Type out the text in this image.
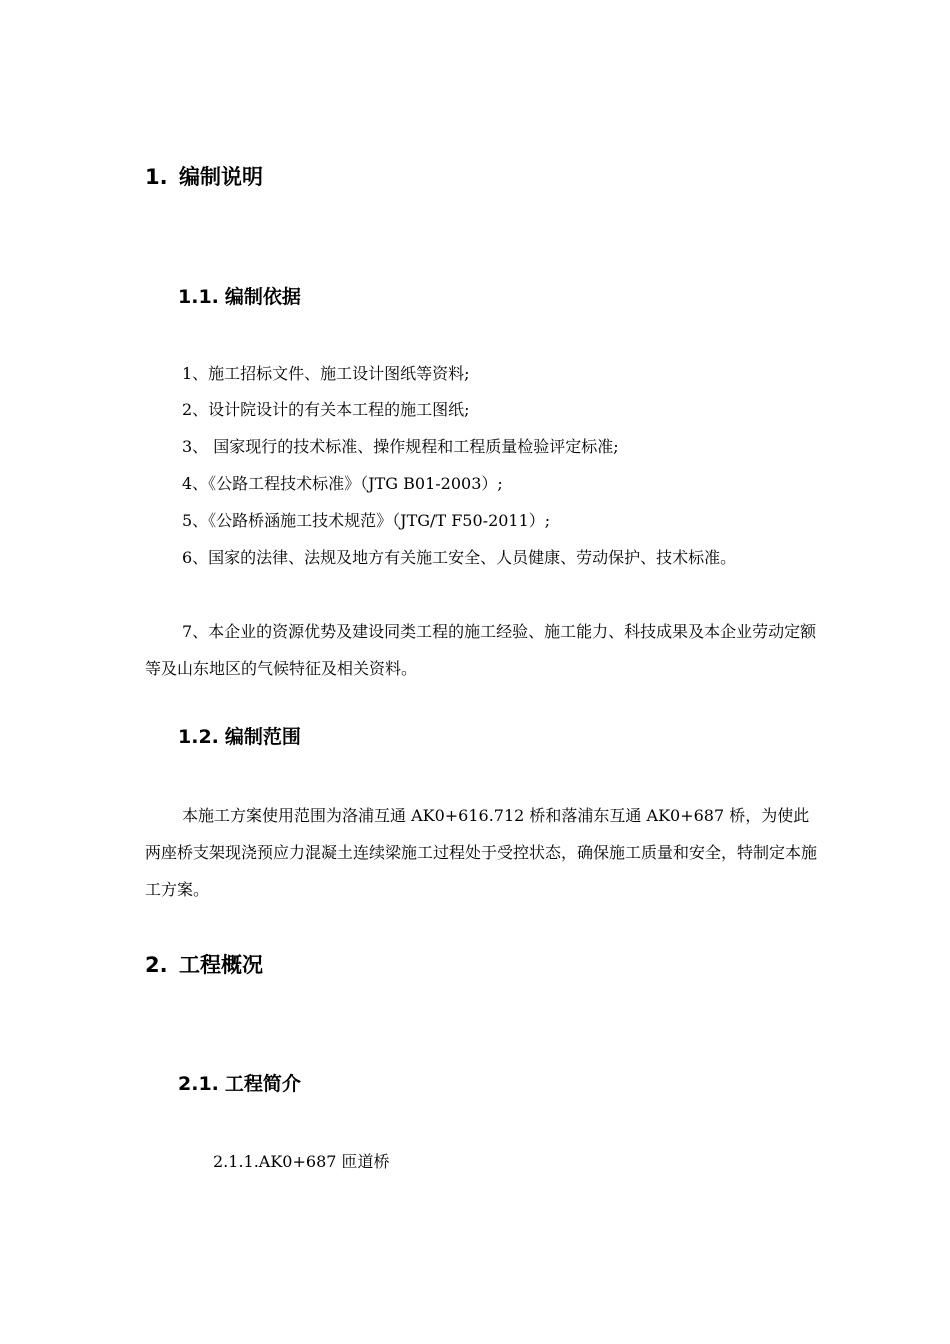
1. 编制说明
1.1. 编制依据
1、施工招标文件、施工设计图纸等资料;
2、设计院设计的有关本工程的施工图纸;
3、 国家现行的技术标准、操作规程和工程质量检验评定标准;
4、《公路工程技术标准》（JTG B01-2003）;
5、《公路桥涵施工技术规范》（JTG/T F50-2011）;
6、国家的法律、法规及地方有关施工安全、人员健康、劳动保护、技术标准。
7、本企业的资源优势及建设同类工程的施工经验、施工能力、科技成果及本企业劳动定额等及山东地区的气候特征及相关资料。
1.2. 编制范围
本施工方案使用范围为洛浦互通 AK0+616.712 桥和落浦东互通 AK0+687 桥，为使此两座桥支架现浇预应力混凝土连续梁施工过程处于受控状态，确保施工质量和安全，特制定本施工方案。
2. 工程概况
2.1. 工程简介
2.1.1.AK0+687 匝道桥
